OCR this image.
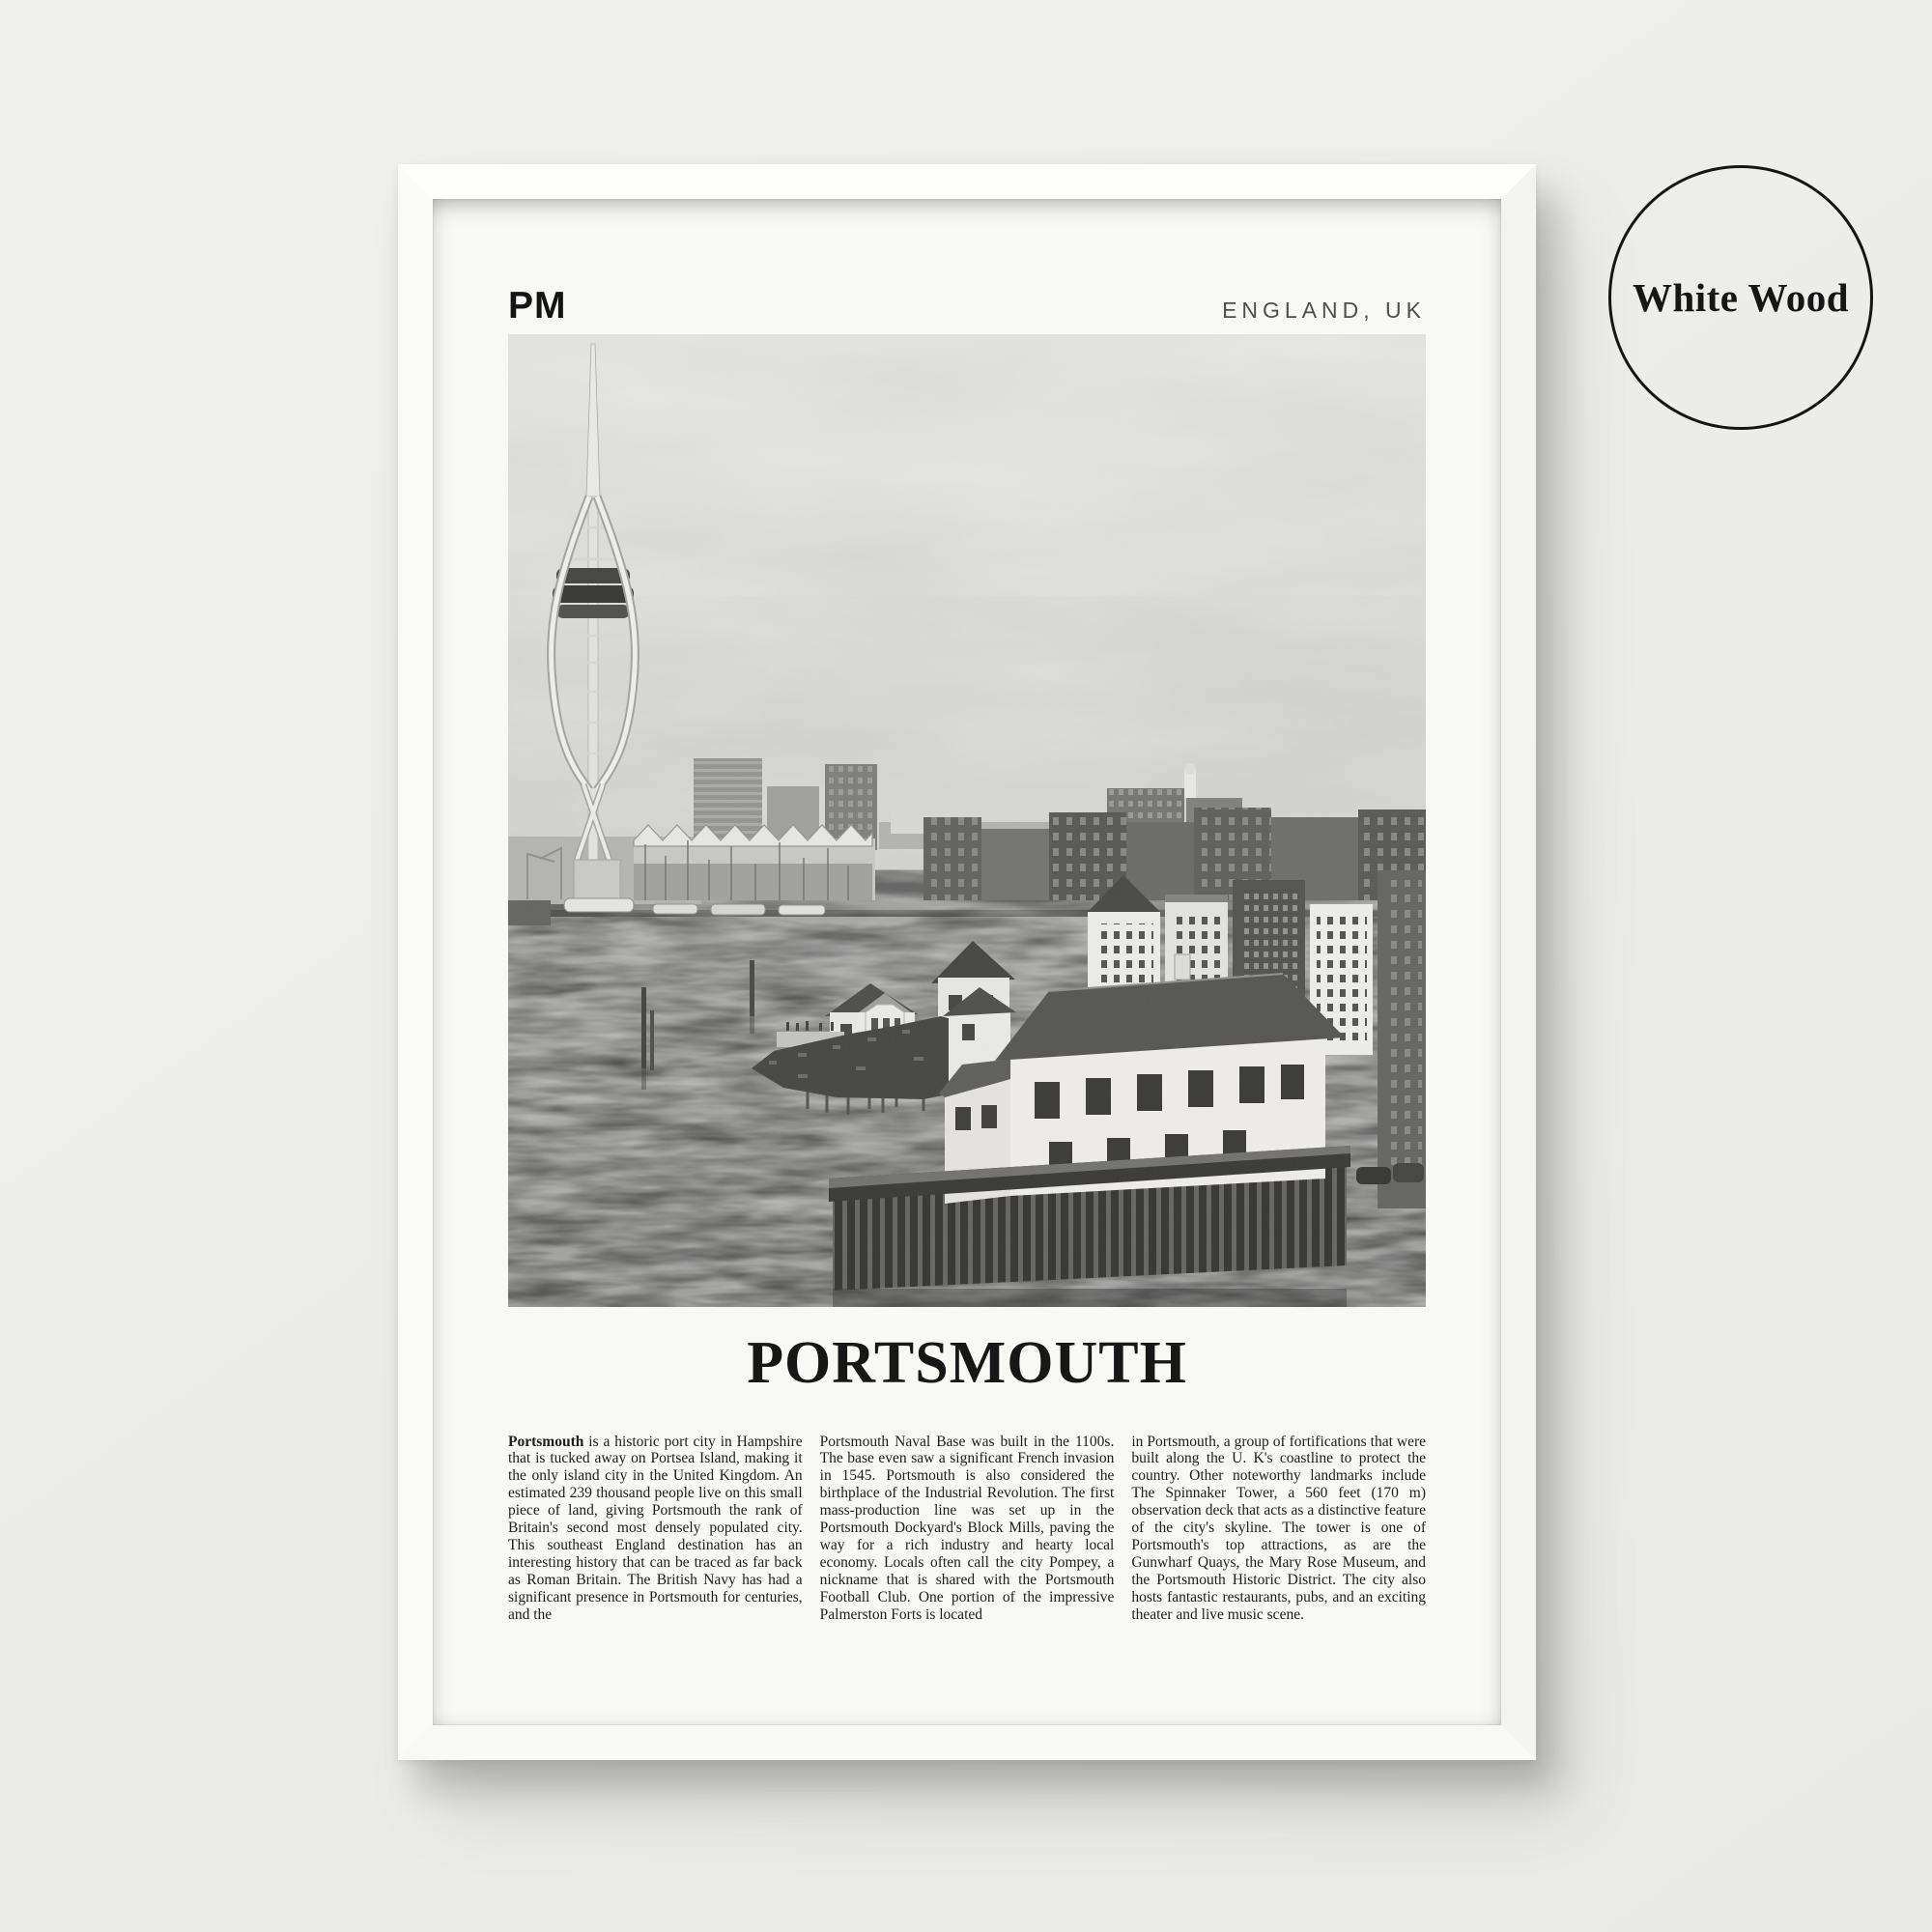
PM	ENGLAND, UK
PORTSMOUTH

Portsmouth is a historic port city in Hampshire that is tucked away on Portsea Island, making it the only island city in the United Kingdom. An estimated 239 thousand people live on this small piece of land, giving Portsmouth the rank of Britain's second most densely populated city. This southeast England destination has an interesting history that can be traced as far back as Roman Britain. The British Navy has had a significant presence in Portsmouth for centuries, and the

Portsmouth Naval Base was built in the 1100s. The base even saw a significant French invasion in 1545. Portsmouth is also considered the birthplace of the Industrial Revolution. The first mass-production line was set up in the Portsmouth Dockyard's Block Mills, paving the way for a rich industry and hearty local economy. Locals often call the city Pompey, a nickname that is shared with the Portsmouth Football Club. One portion of the impressive Palmerston Forts is located

in Portsmouth, a group of fortifications that were built along the U. K's coastline to protect the country. Other noteworthy landmarks include The Spinnaker Tower, a 560 feet (170 m) observation deck that acts as a distinctive feature of the city's skyline. The tower is one of Portsmouth's top attractions, as are the Gunwharf Quays, the Mary Rose Museum, and the Portsmouth Historic District. The city also hosts fantastic restaurants, pubs, and an exciting theater and live music scene.

White Wood
